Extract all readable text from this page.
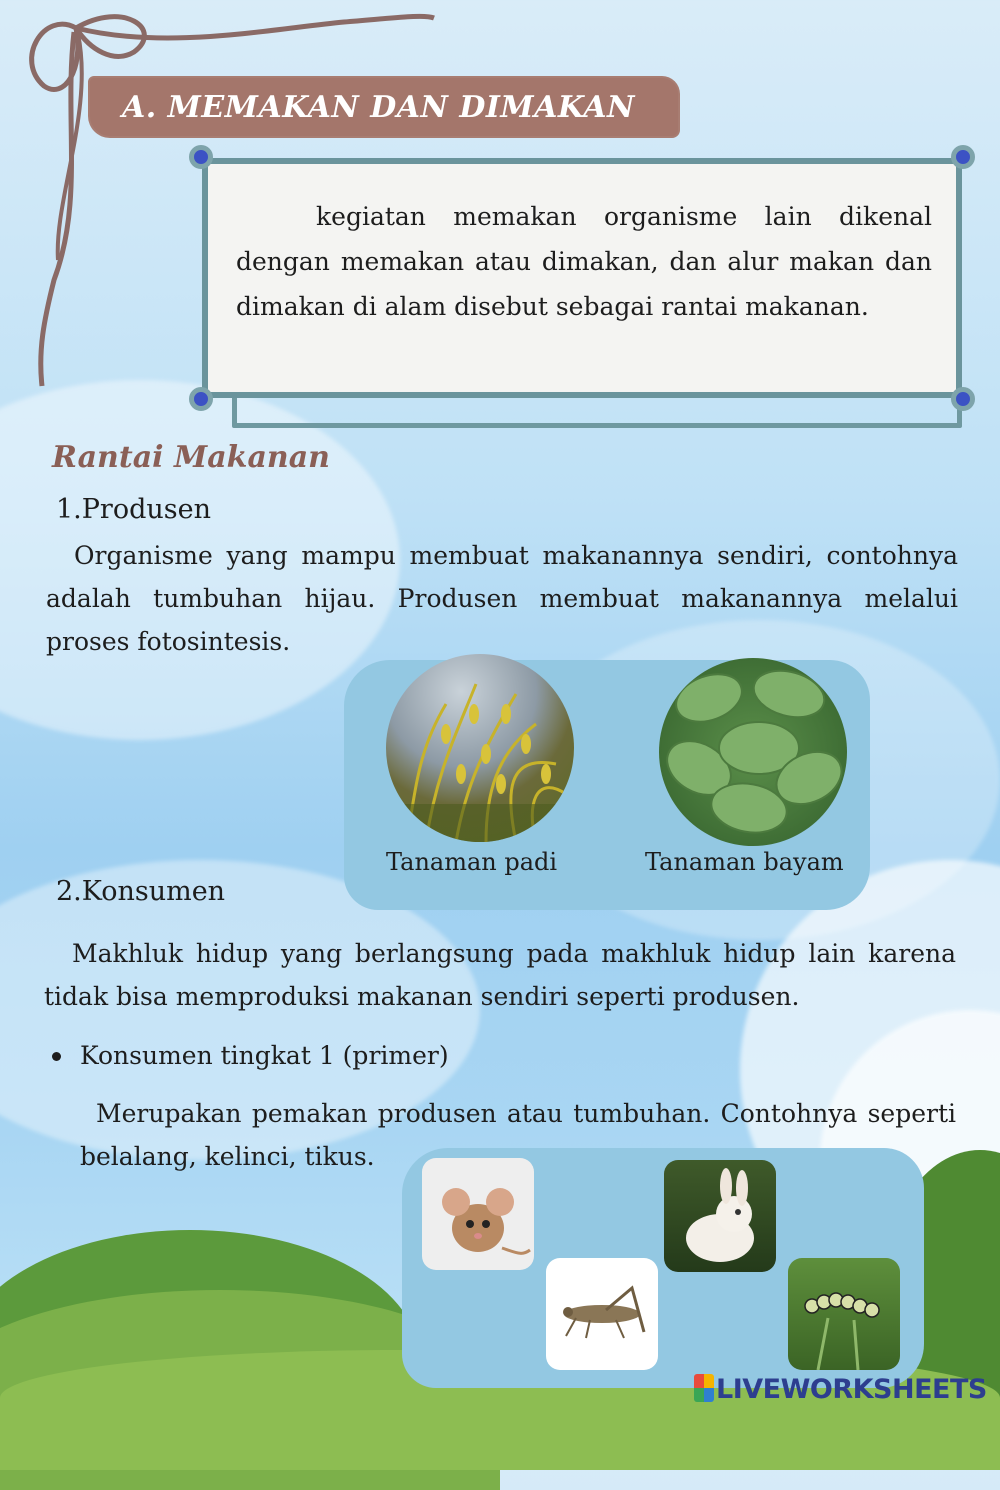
A. MEMAKAN DAN DIMAKAN
kegiatan memakan organisme lain dikenal dengan memakan atau dimakan, dan alur makan dan dimakan di alam disebut sebagai rantai makanan.
Rantai Makanan
1.Produsen
Organisme yang mampu membuat makanannya sendiri, contohnya adalah tumbuhan hijau. Produsen membuat makanannya melalui proses fotosintesis.
Tanaman padi	Tanaman bayam
2.Konsumen
Makhluk hidup yang berlangsung pada makhluk hidup lain karena tidak bisa memproduksi makanan sendiri seperti produsen.
Konsumen tingkat 1 (primer)
Merupakan pemakan produsen atau tumbuhan. Contohnya seperti belalang, kelinci, tikus.
LIVEWORKSHEETS
